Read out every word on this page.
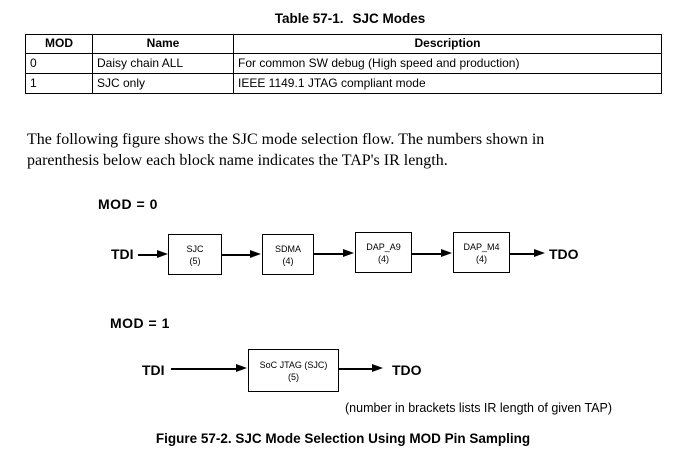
Table 57-1. SJC Modes
MOD	Name	Description
0	Daisy chain ALL	For common SW debug (High speed and production)
1	SJC only	IEEE 1149.1 JTAG compliant mode
The following figure shows the SJC mode selection flow. The numbers shown in
parenthesis below each block name indicates the TAP's IR length.
MOD = 0
TDI	SJC
(5)
SDMA
(4)
DAP_A9
(4)
DAP_M4
(4)	TDO
MOD = 1
TDI	SoC JTAG (SJC)
(5)	TDO
(number in brackets lists IR length of given TAP)
Figure 57-2. SJC Mode Selection Using MOD Pin Sampling
